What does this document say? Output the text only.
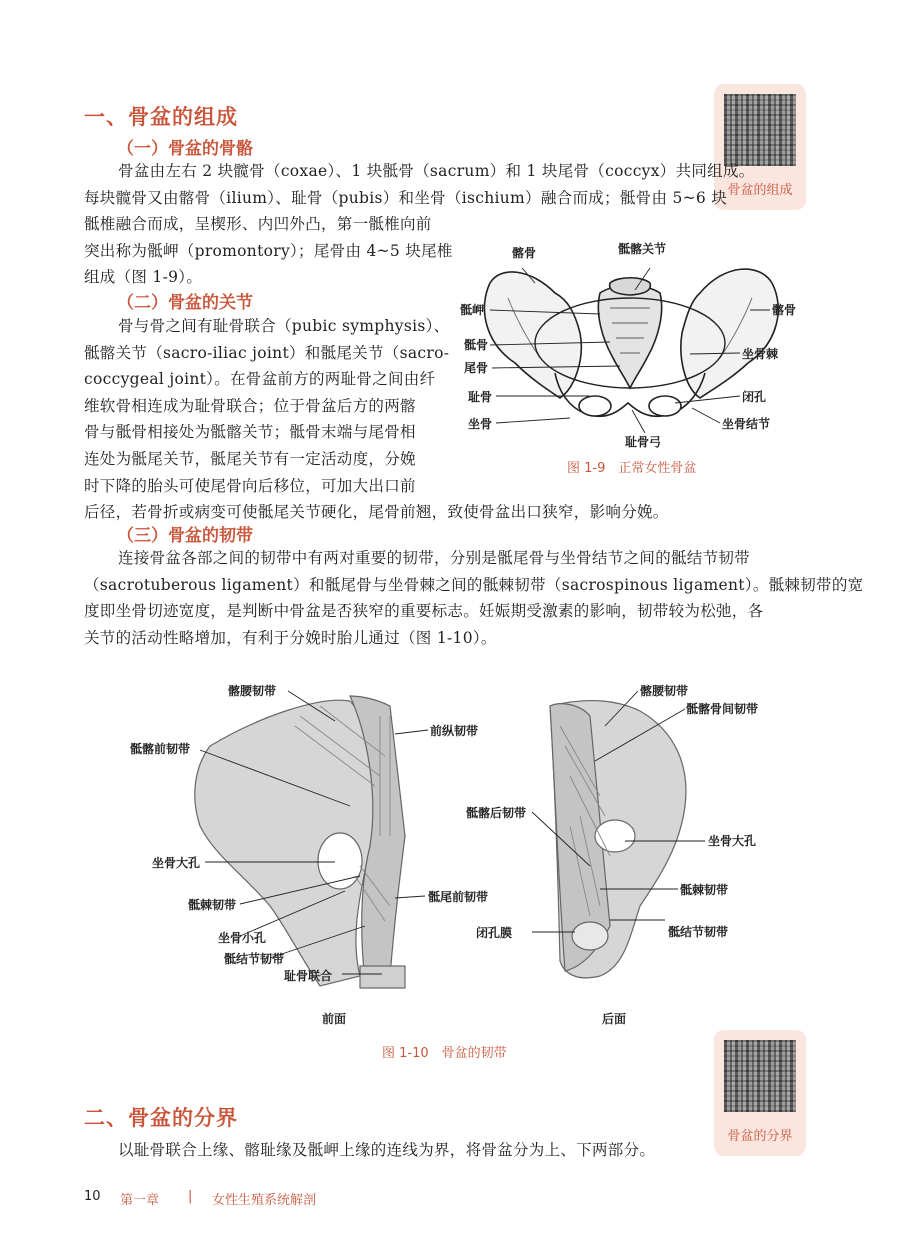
一、骨盆的组成
骨盆的组成
（一）骨盆的骨骼
骨盆由左右 2 块髋骨（coxae）、1 块骶骨（sacrum）和 1 块尾骨（coccyx）共同组成。
每块髋骨又由髂骨（ilium）、耻骨（pubis）和坐骨（ischium）融合而成；骶骨由 5~6 块
骶椎融合而成，呈楔形、内凹外凸，第一骶椎向前
突出称为骶岬（promontory）；尾骨由 4~5 块尾椎
组成（图 1-9）。
（二）骨盆的关节
骨与骨之间有耻骨联合（pubic symphysis）、
骶髂关节（sacro-iliac joint）和骶尾关节（sacro-
coccygeal joint）。在骨盆前方的两耻骨之间由纤
维软骨相连成为耻骨联合；位于骨盆后方的两髂
骨与骶骨相接处为骶髂关节；骶骨末端与尾骨相
连处为骶尾关节，骶尾关节有一定活动度，分娩
时下降的胎头可使尾骨向后移位，可加大出口前
后径，若骨折或病变可使骶尾关节硬化，尾骨前翘，致使骨盆出口狭窄，影响分娩。
髂骨	骶髂关节
骶岬	髂骨
骶骨
尾骨
坐骨棘
耻骨	闭孔
坐骨	坐骨结节
耻骨弓
图 1-9　正常女性骨盆
（三）骨盆的韧带
连接骨盆各部之间的韧带中有两对重要的韧带，分别是骶尾骨与坐骨结节之间的骶结节韧带
（sacrotuberous ligament）和骶尾骨与坐骨棘之间的骶棘韧带（sacrospinous ligament）。骶棘韧带的宽
度即坐骨切迹宽度，是判断中骨盆是否狭窄的重要标志。妊娠期受激素的影响，韧带较为松弛，各
关节的活动性略增加，有利于分娩时胎儿通过（图 1-10）。
髂腰韧带
前纵韧带
骶髂前韧带
坐骨大孔
骶棘韧带
骶尾前韧带
坐骨小孔
骶结节韧带
耻骨联合
前面
髂腰韧带
骶髂骨间韧带
骶髂后韧带
坐骨大孔
骶棘韧带
闭孔膜	骶结节韧带
后面
图 1-10　骨盆的韧带
骨盆的分界
二、骨盆的分界
以耻骨联合上缘、髂耻缘及骶岬上缘的连线为界，将骨盆分为上、下两部分。
10 第一章 | 女性生殖系统解剖
